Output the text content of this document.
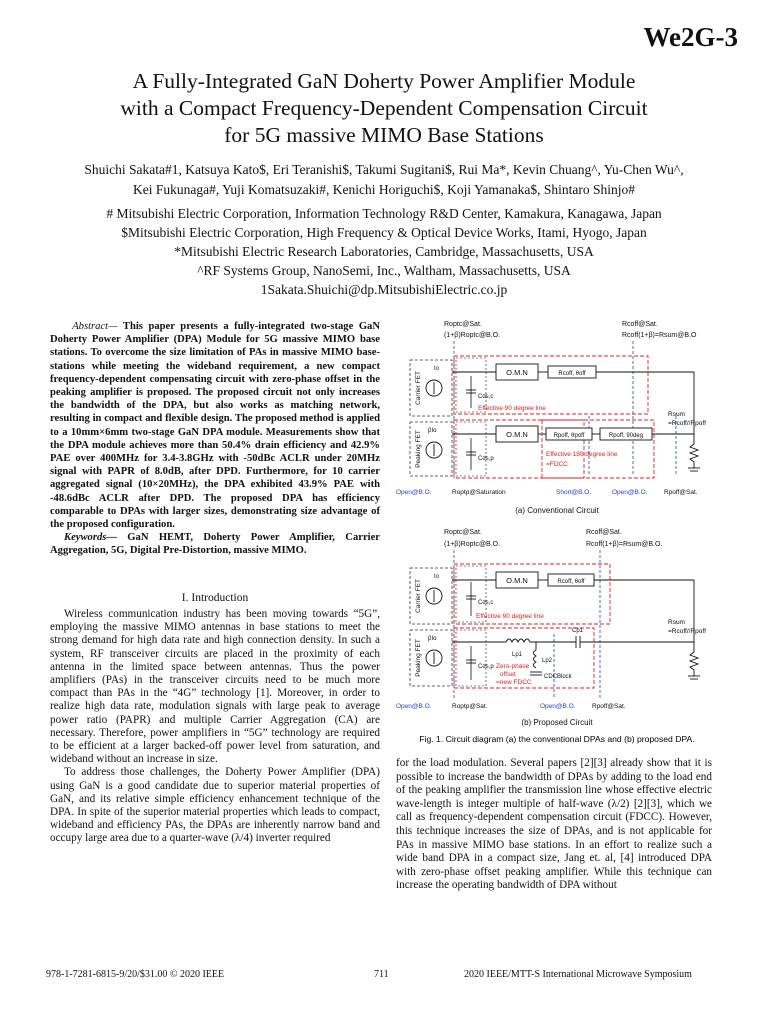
We2G-3
A Fully-Integrated GaN Doherty Power Amplifier Module
with a Compact Frequency-Dependent Compensation Circuit
for 5G massive MIMO Base Stations
Shuichi Sakata#1, Katsuya Kato$, Eri Teranishi$, Takumi Sugitani$, Rui Ma*, Kevin Chuang^, Yu-Chen Wu^,
Kei Fukunaga#, Yuji Komatsuzaki#, Kenichi Horiguchi$, Koji Yamanaka$, Shintaro Shinjo#
# Mitsubishi Electric Corporation, Information Technology R&D Center, Kamakura, Kanagawa, Japan
$Mitsubishi Electric Corporation, High Frequency & Optical Device Works, Itami, Hyogo, Japan
*Mitsubishi Electric Research Laboratories, Cambridge, Massachusetts, USA
^RF Systems Group, NanoSemi, Inc., Waltham, Massachusetts, USA
1Sakata.Shuichi@dp.MitsubishiElectric.co.jp
Abstract— This paper presents a fully-integrated two-stage GaN Doherty Power Amplifier (DPA) Module for 5G massive MIMO base stations. To overcome the size limitation of PAs in massive MIMO base-stations while meeting the wideband requirement, a new compact frequency-dependent compensating circuit with zero-phase offset in the peaking amplifier is proposed. The proposed circuit not only increases the bandwidth of the DPA, but also works as matching network, resulting in compact and flexible design. The proposed method is applied to a 10mm×6mm two-stage GaN DPA module. Measurements show that the DPA module achieves more than 50.4% drain efficiency and 42.9% PAE over 400MHz for 3.4-3.8GHz with -50dBc ACLR under 20MHz signal with PAPR of 8.0dB, after DPD. Furthermore, for 10 carrier aggregated signal (10×20MHz), the DPA exhibited 43.9% PAE with -48.6dBc ACLR after DPD. The proposed DPA has efficiency comparable to DPAs with larger sizes, demonstrating size advantage of the proposed configuration.
Keywords— GaN HEMT, Doherty Power Amplifier, Carrier Aggregation, 5G, Digital Pre-Distortion, massive MIMO.
I. Introduction

Wireless communication industry has been moving towards “5G”, employing the massive MIMO antennas in base stations to meet the strong demand for high data rate and high connection density. In such a system, RF transceiver circuits are placed in the proximity of each antenna in the limited space between antennas. Thus the power amplifiers (PAs) in the transceiver circuits need to be much more compact than PAs in the “4G” technology [1]. Moreover, in order to realize high data rate, modulation signals with large peak to average power ratio (PAPR) and multiple Carrier Aggregation (CA) are necessary. Therefore, power amplifiers in “5G” technology are required to be efficient at a larger backed-off power level from saturation, and wideband without an increase in size.

To address those challenges, the Doherty Power Amplifier (DPA) using GaN is a good candidate due to superior material properties of GaN, and its relative simple efficiency enhancement technique of the DPA. In spite of the superior material properties which leads to compact, wideband and efficiency PAs, the DPAs are inherently narrow band and occupy large area due to a quarter-wave (λ/4) inverter required

for the load modulation. Several papers [2][3] already show that it is possible to increase the bandwidth of DPAs by adding to the load end of the peaking amplifier the transmission line whose effective electric wave-length is integer multiple of half-wave (λ/2) [2][3], which we call as frequency-dependent compensation circuit (FDCC). However, this technique increases the size of DPAs, and is not applicable for PAs in massive MIMO base stations. In an effort to realize such a wide band DPA in a compact size, Jang et. al, [4] introduced DPA with zero-phase offset peaking amplifier. While this technique can increase the operating bandwidth of DPA without
Roptc@Sat.
(1+β)Roptc@B.O.
Rcoff@Sat.
Rcoff(1+β)=Rsum@B.O
Carrier FET
Io
Cds,c
O.M.N	Rcoff, θoff
Effective 90 degree line
Peaking FET βIo
Cds,p
O.M.N	Rpoff, θpoff	Rpoff, 90deg
Effective 180 degree line
=FDCC
Rsum
=Rcoff//Rpoff
Open@B.O.	Roptp@Saturation	Short@B.O.	Open@B.O.	Rpoff@Sat.
(a) Conventional Circuit
Roptc@Sat.
(1+β)Roptc@B.O.
Rcoff@Sat.
Rcoff(1+β)=Rsum@B.O.
Carrier FET
Io
Cds,c
O.M.N	Rcoff, θoff
Effective 90 degree line
Peaking FET
βIo
Cds,p
Lp1
Cp1
Lp2
CDCBlock
Zero-phase
offset
=new FDCC
Rsum
=Rcoff//Rpoff
Open@B.O.	Roptp@Sat.	Open@B.O.	Rpoff@Sat.
(b) Proposed Circuit
Fig. 1. Circuit diagram (a) the conventional DPAs and (b) proposed DPA.
978-1-7281-6815-9/20/$31.00 © 2020 IEEE	711	2020 IEEE/MTT-S International Microwave Symposium
